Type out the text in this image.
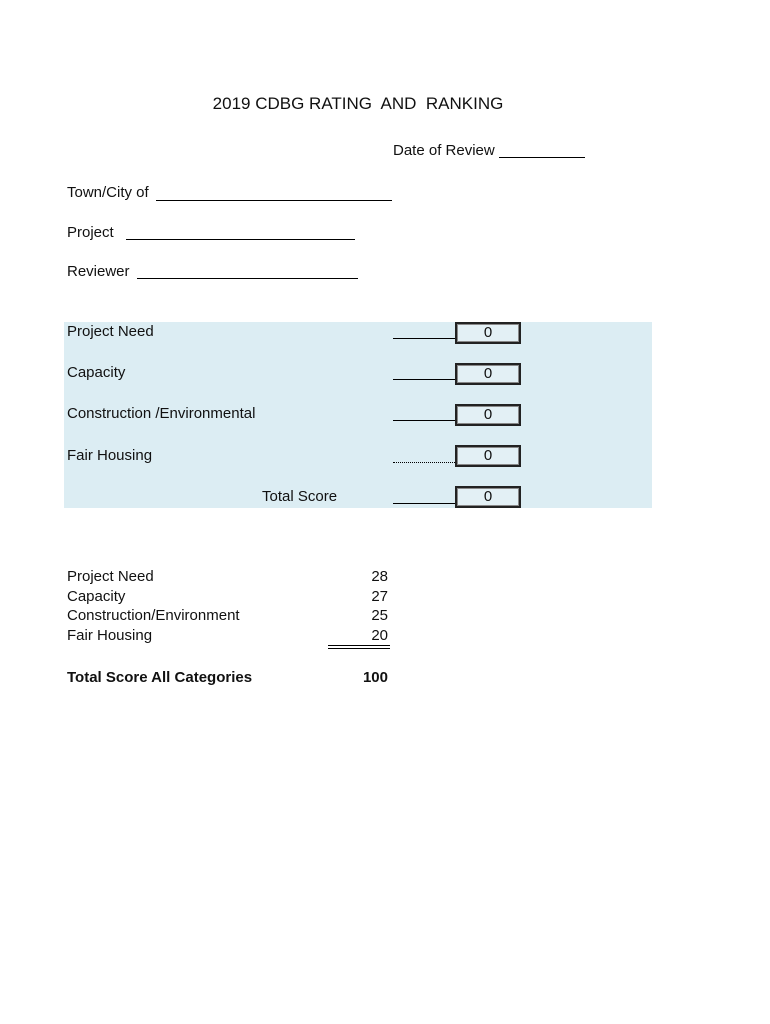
2019 CDBG RATING  AND  RANKING
Date of Review
Town/City of
Project
Reviewer
Project Need	0
Capacity	0
Construction /Environmental	0
Fair Housing	0
Total Score	0
Project Need	28
Capacity	27
Construction/Environment	25
Fair Housing	20
Total Score All Categories	100
